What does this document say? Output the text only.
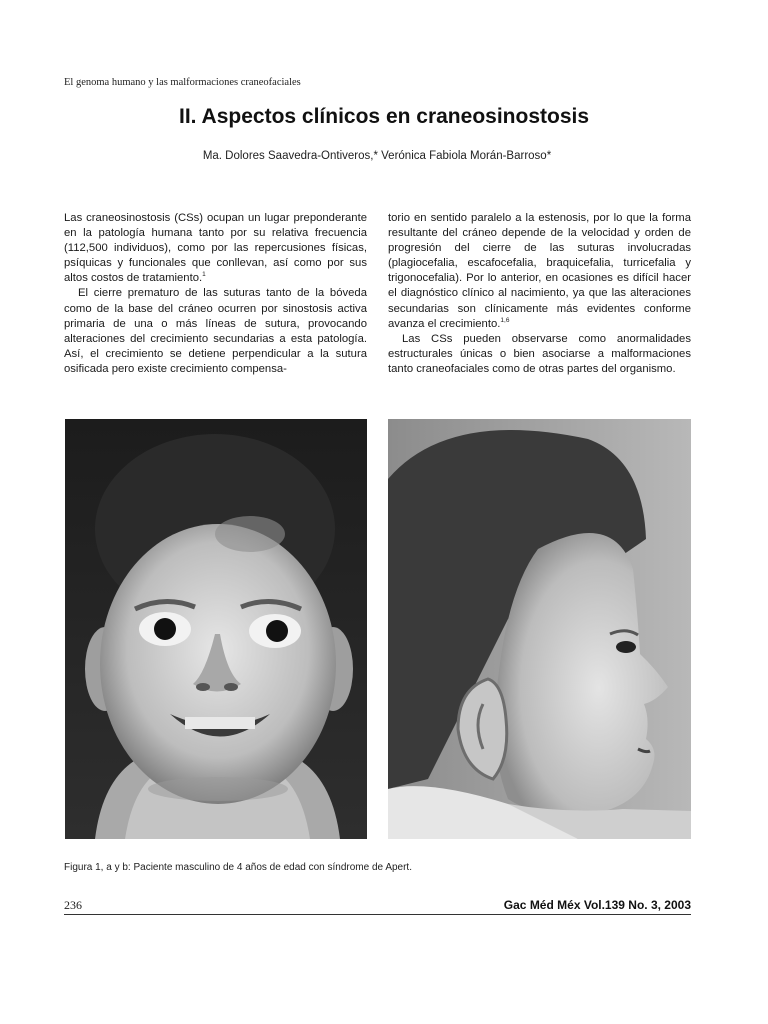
El genoma humano y las malformaciones craneofaciales
II. Aspectos clínicos en craneosinostosis
Ma. Dolores Saavedra-Ontiveros,* Verónica Fabiola Morán-Barroso*

Las craneosinostosis (CSs) ocupan un lugar preponderante en la patología humana tanto por su relativa frecuencia (112,500 individuos), como por las repercusiones físicas, psíquicas y funcionales que conllevan, así como por sus altos costos de tratamiento.$^1$

El cierre prematuro de las suturas tanto de la bóveda como de la base del cráneo ocurren por sinostosis activa primaria de una o más líneas de sutura, provocando alteraciones del crecimiento secundarias a esta patología. Así, el crecimiento se detiene perpendicular a la sutura osificada pero existe crecimiento compensa-

torio en sentido paralelo a la estenosis, por lo que la forma resultante del cráneo depende de la velocidad y orden de progresión del cierre de las suturas involucradas (plagiocefalia, escafocefalia, braquicefalia, turricefalia y trigonocefalia). Por lo anterior, en ocasiones es difícil hacer el diagnóstico clínico al nacimiento, ya que las alteraciones secundarias son clínicamente más evidentes conforme avanza el crecimiento.$^{1,6}$

Las CSs pueden observarse como anormalidades estructurales únicas o bien asociarse a malformaciones tanto craneofaciales como de otras partes del organismo.

Figura 1, a y b: Paciente masculino de 4 años de edad con síndrome de Apert.
236	Gac Méd Méx Vol.139 No. 3, 2003
